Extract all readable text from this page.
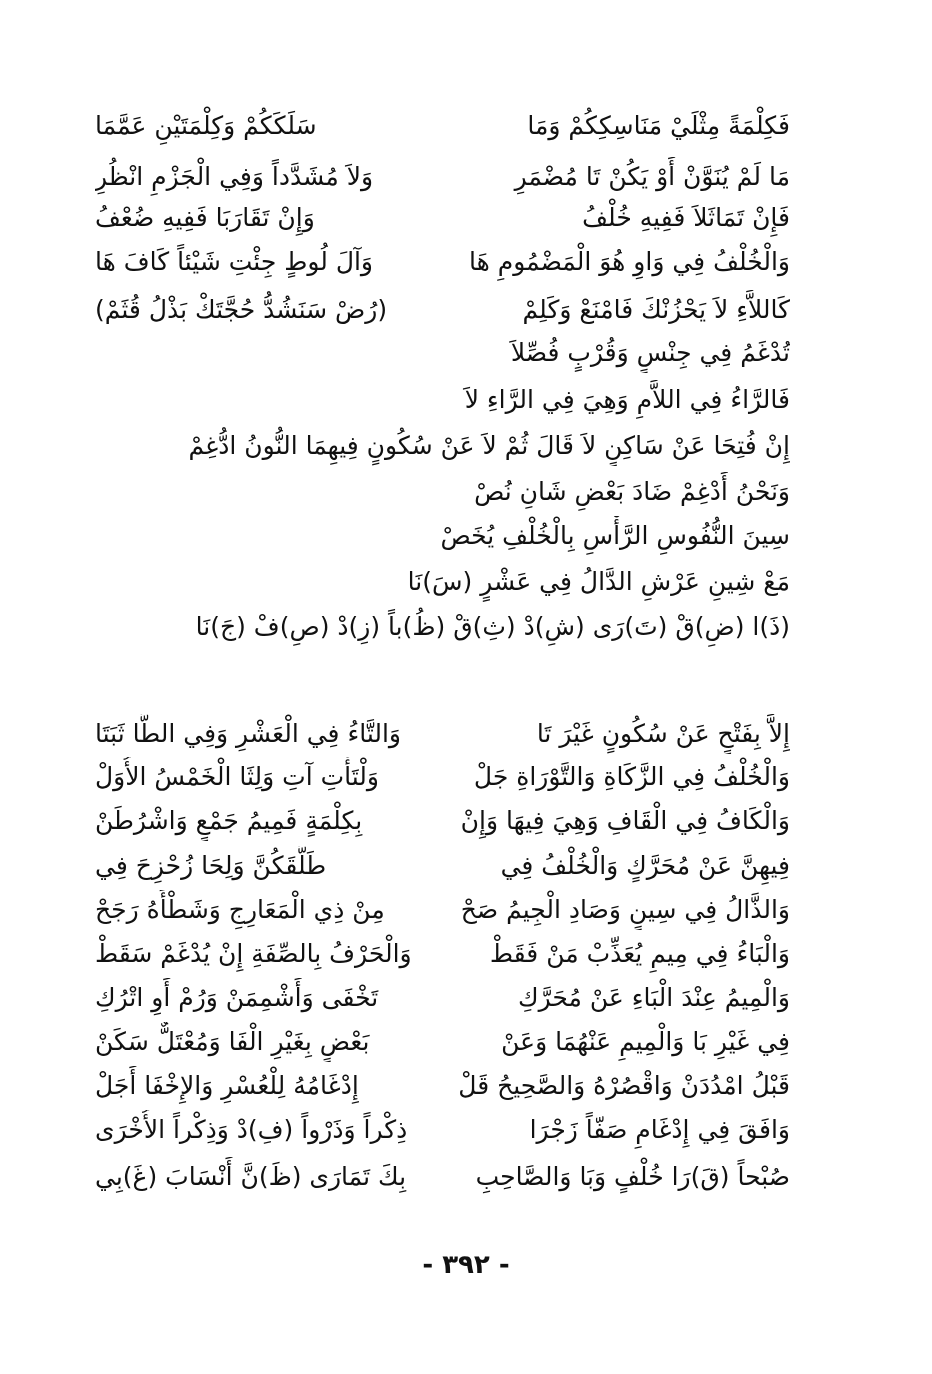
فَكِلْمَةً مِثْلَيْ مَنَاسِكِكُمْ وَمَا
سَلَكَكُمْ وَكِلْمَتَيْنِ عَمَّمَا
مَا لَمْ يُنَوَّنْ أَوْ يَكُنْ تَا مُضْمَرِ
وَلاَ مُشَدَّداً وَفِي الْجَزْمِ انْظُرِ
فَإِنْ تَمَاثَلاَ فَفِيهِ خُلْفُ
وَإِنْ تَقَارَبَا فَفِيهِ ضُعْفُ
وَالْخُلْفُ فِي وَاوِ هُوَ الْمَضْمُومِ هَا
وَآلَ لُوطٍ جِئْتِ شَيْئاً كَافَ هَا
كَاللاَّءِ لاَ يَحْزُنْكَ فَامْنَعْ وَكَلِمْ
(رُضْ سَنَشُدُّ حُجَّتَكْ بَذْلُ قُثَمْ)
تُدْغَمُ فِي جِنْسٍ وَقُرْبٍ فُصِّلاَ
فَالرَّاءُ فِي اللاَّمِ وَهِيَ فِي الرَّاءِ لاَ
إِنْ فُتِحَا عَنْ سَاكِنٍ لاَ قَالَ ثُمْ لاَ عَنْ سُكُونٍ فِيهِمَا النُّونُ ادُّغِمْ
وَنَحْنُ أَدْغِمْ ضَادَ بَعْضِ شَانِ نُصْ
سِينَ النُّفُوسِ الرَّأْسِ بِالْخُلْفِ يُخَصْ
مَعْ شِينِ عَرْشِ الدَّالُ فِي عَشْرٍ (سَ)نَا
(ذَ)ا (ضِ)قْ (تَ)رَى (شِ)دْ (ثِ)قْ (ظُ)باً (زِ)دْ (صِ)فْ (جَ)نَا
إِلاَّ بِفَتْحٍ عَنْ سُكُونٍ غَيْرَ تَا
وَالتَّاءُ فِي الْعَشْرِ وَفِي الطَّا ثَبَتَا
وَالْخُلْفُ فِي الزَّكَاةِ وَالتَّوْرَاةِ جَلْ
وَلْتَأْتِ آتِ وَلِثَا الْخَمْسُ الأُوَلْ
وَالْكَافُ فِي الْقَافِ وَهِيَ فِيهَا وَإِنْ
بِكِلْمَةٍ فَمِيمُ جَمْعٍ وَاشْرُطَنْ
فِيهِنَّ عَنْ مُحَرَّكٍ وَالْخُلْفُ فِي
طَلَّقَكُنَّ وَلِحَا زُحْزِحَ فِي
وَالذَّالُ فِي سِينٍ وَصَادِ الْجِيمُ صَحْ
مِنْ ذِي الْمَعَارِجِ وَشَطْأَهُ رَجَحْ
وَالْبَاءُ فِي مِيمِ يُعَذِّبْ مَنْ فَقَطْ
وَالْحَرْفُ بِالصِّفَةِ إِنْ يُدْغَمْ سَقَطْ
وَالْمِيمُ عِنْدَ الْبَاءِ عَنْ مُحَرَّكِ
تَخْفَى وَأَشْمِمَنْ وَرُمْ أَوِ اتْرُكِ
فِي غَيْرِ بَا وَالْمِيمِ عَنْهُمَا وَعَنْ
بَعْضٍ بِغَيْرِ الْفَا وَمُعْتَلٌّ سَكَنْ
قَبْلُ امْدُدَنْ وَاقْصُرْهُ وَالصَّحِيحُ قَلْ
إِدْغَامُهُ لِلْعُسْرِ وَالإِخْفَا أَجَلْ
وَافَقَ فِي إِدْغَامِ صَفّاً زَجْرَا
ذِكْراً وَذَرْواً (فِ)دْ وَذِكْراً الأُخْرَى
صُبْحاً (قَ)رَا خُلْفٍ وَبَا وَالصَّاحِبِ
بِكَ تَمَارَى (ظَ)نَّ أَنْسَابَ (غَ)بِي
- ٣٩٢ -
